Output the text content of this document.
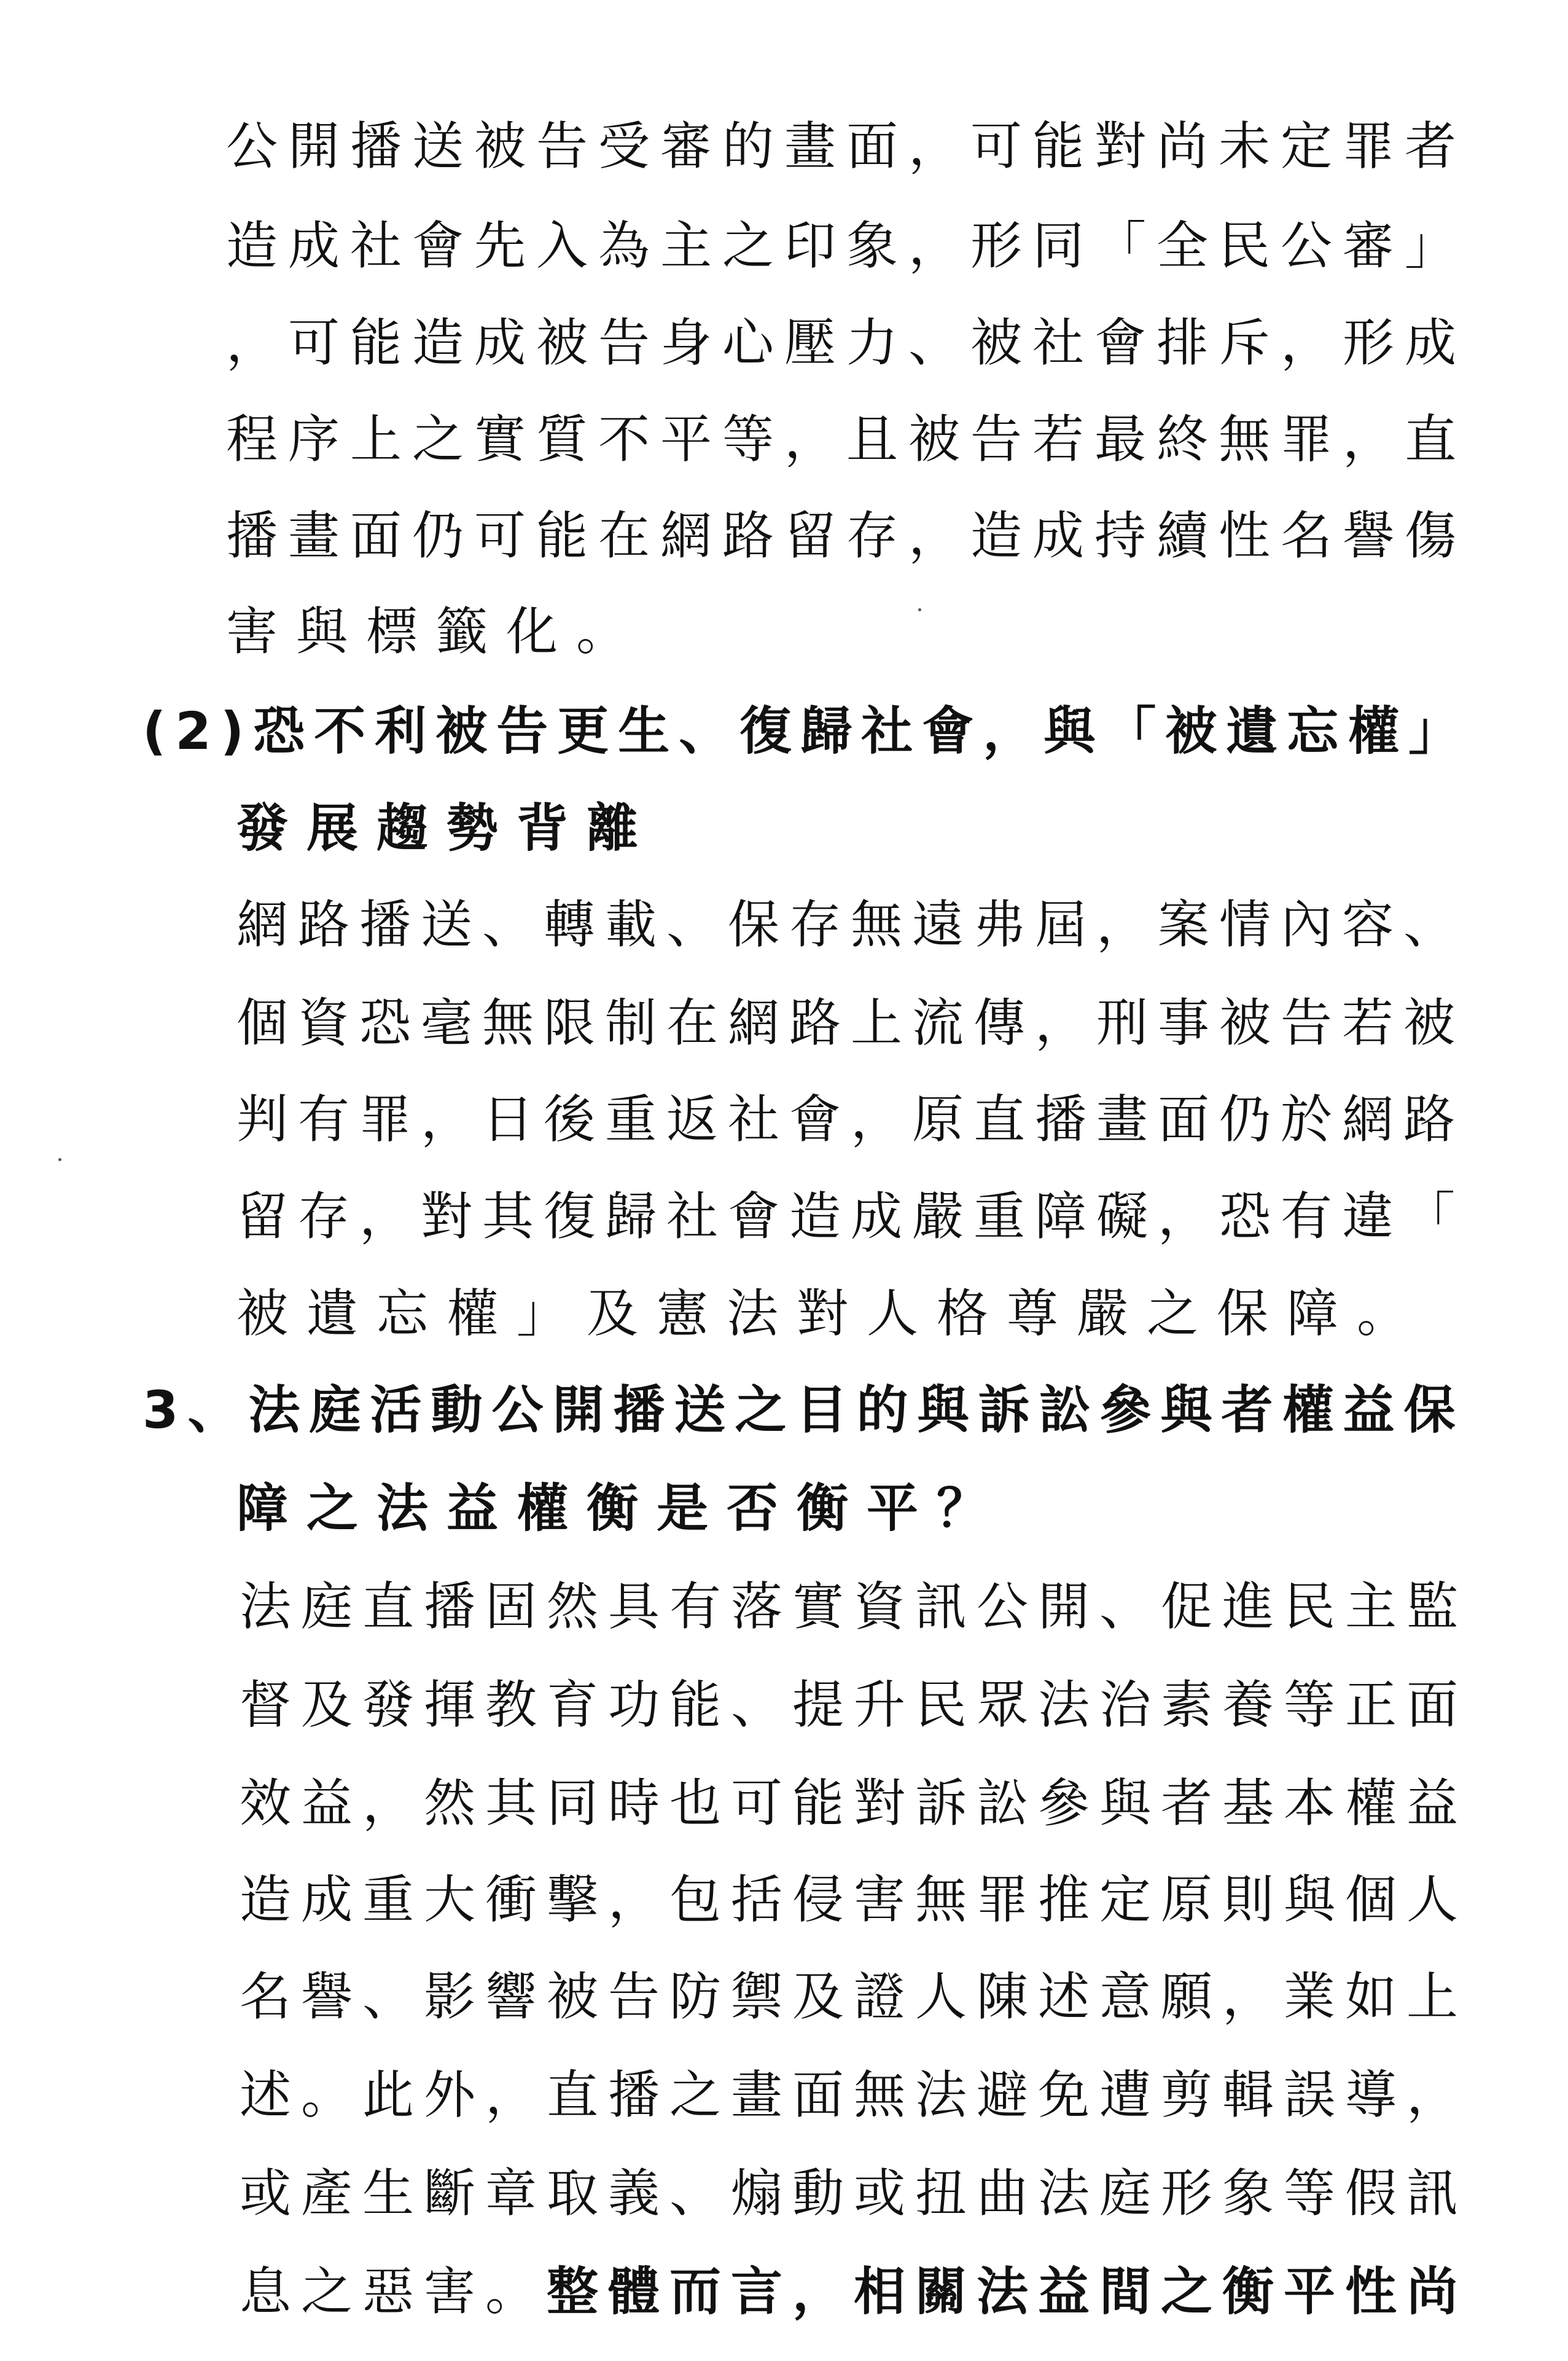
公開播送被告受審的畫面，可能對尚未定罪者
造成社會先入為主之印象，形同「全民公審」
，可能造成被告身心壓力、被社會排斥，形成
程序上之實質不平等，且被告若最終無罪，直
播畫面仍可能在網路留存，造成持續性名譽傷
害與標籤化。
(2)恐不利被告更生、復歸社會，與「被遺忘權」
發展趨勢背離
網路播送、轉載、保存無遠弗屆，案情內容、
個資恐毫無限制在網路上流傳，刑事被告若被
判有罪，日後重返社會，原直播畫面仍於網路
留存，對其復歸社會造成嚴重障礙，恐有違「
被遺忘權」及憲法對人格尊嚴之保障。
3、法庭活動公開播送之目的與訴訟參與者權益保
障之法益權衡是否衡平？
法庭直播固然具有落實資訊公開、促進民主監
督及發揮教育功能、提升民眾法治素養等正面
效益，然其同時也可能對訴訟參與者基本權益
造成重大衝擊，包括侵害無罪推定原則與個人
名譽、影響被告防禦及證人陳述意願，業如上
述。此外，直播之畫面無法避免遭剪輯誤導，
或產生斷章取義、煽動或扭曲法庭形象等假訊
息之惡害。整體而言，相關法益間之衡平性尚
